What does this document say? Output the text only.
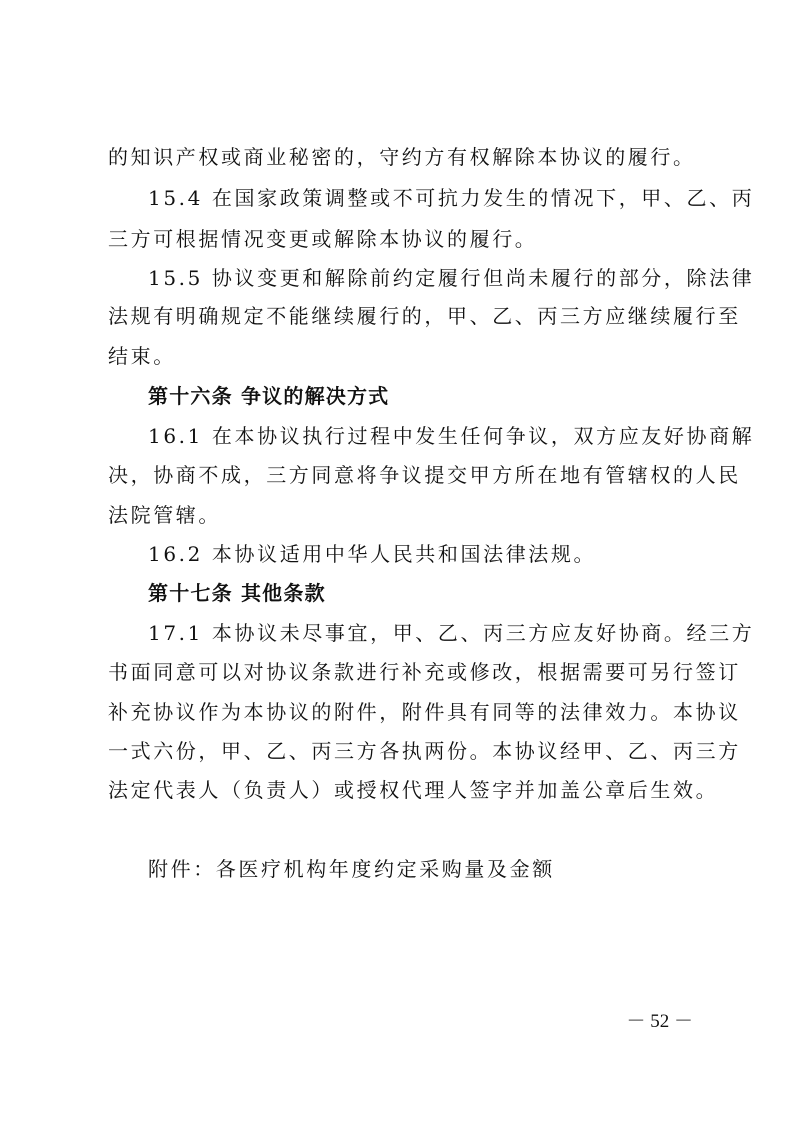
的知识产权或商业秘密的，守约方有权解除本协议的履行。
15.4 在国家政策调整或不可抗力发生的情况下，甲、乙、丙
三方可根据情况变更或解除本协议的履行。
15.5 协议变更和解除前约定履行但尚未履行的部分，除法律
法规有明确规定不能继续履行的，甲、乙、丙三方应继续履行至
结束。
第十六条 争议的解决方式
16.1 在本协议执行过程中发生任何争议，双方应友好协商解
决，协商不成，三方同意将争议提交甲方所在地有管辖权的人民
法院管辖。
16.2 本协议适用中华人民共和国法律法规。
第十七条 其他条款
17.1 本协议未尽事宜，甲、乙、丙三方应友好协商。经三方
书面同意可以对协议条款进行补充或修改，根据需要可另行签订
补充协议作为本协议的附件，附件具有同等的法律效力。本协议
一式六份，甲、乙、丙三方各执两份。本协议经甲、乙、丙三方
法定代表人（负责人）或授权代理人签字并加盖公章后生效。
附件：各医疗机构年度约定采购量及金额
－ 52 －
